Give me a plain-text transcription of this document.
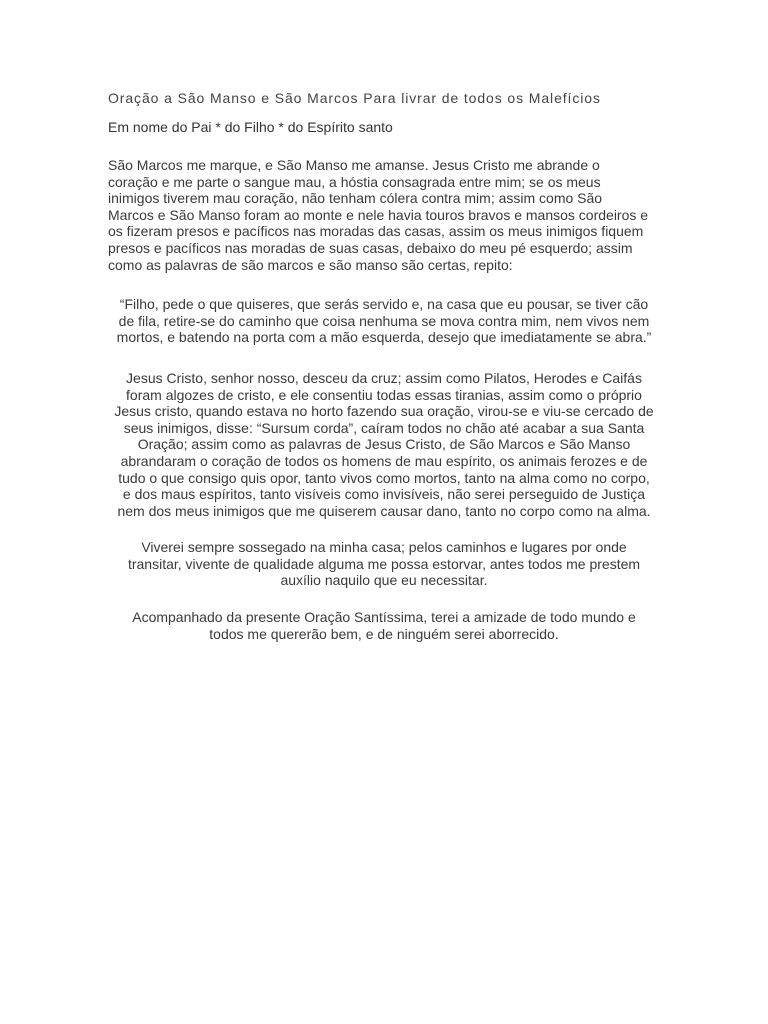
Oração a São Manso e São Marcos Para livrar de todos os Malefícios
Em nome do Pai * do Filho * do Espírito santo

São Marcos me marque, e São Manso me amanse. Jesus Cristo me abrande o
coração e me parte o sangue mau, a hóstia consagrada entre mim; se os meus
inimigos tiverem mau coração, não tenham cólera contra mim; assim como São
Marcos e São Manso foram ao monte e nele havia touros bravos e mansos cordeiros e
os fizeram presos e pacíficos nas moradas das casas, assim os meus inimigos fiquem
presos e pacíficos nas moradas de suas casas, debaixo do meu pé esquerdo; assim
como as palavras de são marcos e são manso são certas, repito:

“Filho, pede o que quiseres, que serás servido e, na casa que eu pousar, se tiver cão
de fila, retire-se do caminho que coisa nenhuma se mova contra mim, nem vivos nem
mortos, e batendo na porta com a mão esquerda, desejo que imediatamente se abra.”

Jesus Cristo, senhor nosso, desceu da cruz; assim como Pilatos, Herodes e Caifás
foram algozes de cristo, e ele consentiu todas essas tiranias, assim como o próprio
Jesus cristo, quando estava no horto fazendo sua oração, virou-se e viu-se cercado de
seus inimigos, disse: “Sursum corda”, caíram todos no chão até acabar a sua Santa
Oração; assim como as palavras de Jesus Cristo, de São Marcos e São Manso
abrandaram o coração de todos os homens de mau espírito, os animais ferozes e de
tudo o que consigo quis opor, tanto vivos como mortos, tanto na alma como no corpo,
e dos maus espíritos, tanto visíveis como invisíveis, não serei perseguido de Justiça
nem dos meus inimigos que me quiserem causar dano, tanto no corpo como na alma.

Viverei sempre sossegado na minha casa; pelos caminhos e lugares por onde
transitar, vivente de qualidade alguma me possa estorvar, antes todos me prestem
auxílio naquilo que eu necessitar.

Acompanhado da presente Oração Santíssima, terei a amizade de todo mundo e
todos me quererão bem, e de ninguém serei aborrecido.
